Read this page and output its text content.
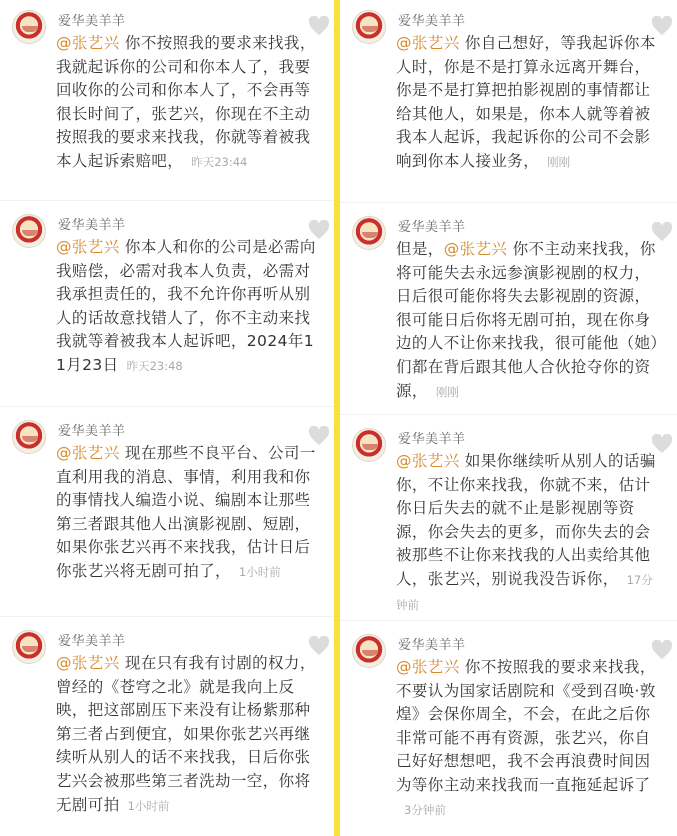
爱华美羊羊
@张艺兴 你不按照我的要求来找我，我就起诉你的公司和你本人了，我要回收你的公司和你本人了，不会再等很长时间了，张艺兴，你现在不主动按照我的要求来找我，你就等着被我本人起诉索赔吧， 昨天23:44
爱华美羊羊
@张艺兴 你本人和你的公司是必需向我赔偿，必需对我本人负责，必需对我承担责任的，我不允许你再听从别人的话故意找错人了，你不主动来找我就等着被我本人起诉吧，2024年11月23日 昨天23:48
爱华美羊羊
@张艺兴 现在那些不良平台、公司一直利用我的消息、事情，利用我和你的事情找人编造小说、编剧本让那些第三者跟其他人出演影视剧、短剧，如果你张艺兴再不来找我，估计日后你张艺兴将无剧可拍了， 1小时前
爱华美羊羊
@张艺兴 现在只有我有讨剧的权力，曾经的《苍穹之北》就是我向上反映，把这部剧压下来没有让杨紫那种第三者占到便宜，如果你张艺兴再继续听从别人的话不来找我，日后你张艺兴会被那些第三者洗劫一空，你将无剧可拍 1小时前
爱华美羊羊
@张艺兴 你自己想好，等我起诉你本人时，你是不是打算永远离开舞台，你是不是打算把拍影视剧的事情都让给其他人，如果是，你本人就等着被我本人起诉，我起诉你的公司不会影响到你本人接业务， 刚刚
爱华美羊羊
但是，@张艺兴 你不主动来找我，你将可能失去永远参演影视剧的权力，日后很可能你将失去影视剧的资源，很可能日后你将无剧可拍，现在你身边的人不让你来找我，很可能他（她）们都在背后跟其他人合伙抢夺你的资源， 刚刚
爱华美羊羊
@张艺兴 如果你继续听从别人的话骗你，不让你来找我，你就不来，估计你日后失去的就不止是影视剧等资源，你会失去的更多，而你失去的会被那些不让你来找我的人出卖给其他人，张艺兴，别说我没告诉你， 17分钟前
爱华美羊羊
@张艺兴 你不按照我的要求来找我，不要认为国家话剧院和《受到召唤·敦煌》会保你周全，不会，在此之后你非常可能不再有资源，张艺兴，你自己好好想想吧，我不会再浪费时间因为等你主动来找我而一直拖延起诉了3分钟前
